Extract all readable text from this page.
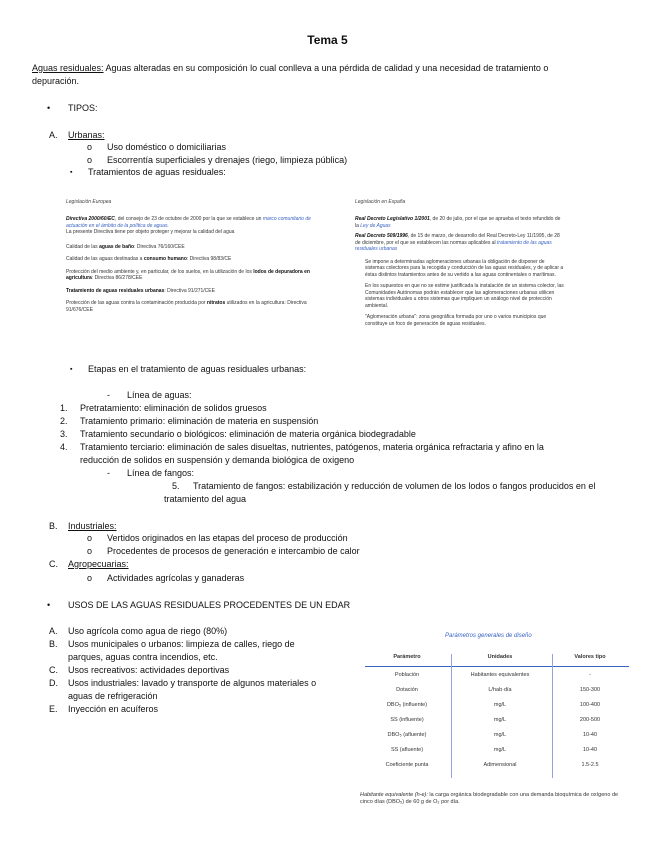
Tema 5
Aguas residuales: Aguas alteradas en su composición lo cual conlleva a una pérdida de calidad y una necesidad de tratamiento o
depuración.
• TIPOS:
A. Urbanas:
o Uso doméstico o domiciliarias
o Escorrentía superficiales y drenajes (riego, limpieza pública)
▪ Tratamientos de aguas residuales:
Legislación Europea
Directiva 2000/60/EC, del consejo de 23 de octubre de 2000 por la que se establece un marco comunitario de actuación en el ámbito de la política de aguas.
La presente Directiva tiene por objeto proteger y mejorar la calidad del agua
Calidad de las aguas de baño: Directiva 76/160/CEE
Calidad de las aguas destinadas a consumo humano: Directiva 98/83/CE
Protección del medio ambiente y, en particular, de los suelos, en la utilización de los lodos de depuradora en agricultura: Directiva 86/278/CEE
Tratamiento de aguas residuales urbanas: Directiva 91/271/CEE
Protección de las aguas contra la contaminación producida por nitratos utilizados en la agricultura: Directiva 91/676/CEE
Legislación en España
Real Decreto Legislativo 1/2001, de 20 de julio, por el que se aprueba el texto refundido de la Ley de Aguas
Real Decreto 509/1996, de 15 de marzo, de desarrollo del Real Decreto-Ley 11/1995, de 28 de diciembre, por el que se establecen las normas aplicables al tratamiento de las aguas residuales urbanas
Se impone a determinadas aglomeraciones urbanas la obligación de disponer de sistemas colectores para la recogida y conducción de las aguas residuales, y de aplicar a éstas distintos tratamientos antes de su vertido a las aguas continentales o marítimas.
En los supuestos en que no se estime justificada la instalación de un sistema colector, las Comunidades Autónomas podrán establecer que las aglomeraciones urbanas utilicen sistemas individuales u otros sistemas que impliquen un análogo nivel de protección ambiental.
"Aglomeración urbana": zona geográfica formada por uno o varios municipios que constituye un foco de generación de aguas residuales.
▪ Etapas en el tratamiento de aguas residuales urbanas:
- Línea de aguas:
1. Pretratamiento: eliminación de solidos gruesos
2. Tratamiento primario: eliminación de materia en suspensión
3. Tratamiento secundario o biológicos: eliminación de materia orgánica biodegradable
4. Tratamiento terciario: eliminación de sales disueltas, nutrientes, patógenos, materia orgánica refractaria y afino en la
reducción de solidos en suspensión y demanda biológica de oxigeno
- Línea de fangos:
5. Tratamiento de fangos: estabilización y reducción de volumen de los lodos o fangos producidos en el
tratamiento del agua
B. Industriales:
o Vertidos originados en las etapas del proceso de producción
o Procedentes de procesos de generación e intercambio de calor
C. Agropecuarias:
o Actividades agrícolas y ganaderas
• USOS DE LAS AGUAS RESIDUALES PROCEDENTES DE UN EDAR
A. Uso agrícola como agua de riego (80%)
B. Usos municipales o urbanos: limpieza de calles, riego de
parques, aguas contra incendios, etc.
C. Usos recreativos: actividades deportivas
D. Usos industriales: lavado y transporte de algunos materiales o
aguas de refrigeración
E. Inyección en acuíferos
Parámetros generales de diseño
Parámetro	Unidades	Valores tipo
Población	Habitantes equivalentes	-
Dotación	L/hab·día	150-300
DBO₅ (influente)	mg/L	100-400
SS (influente)	mg/L	200-500
DBO₅ (afluente)	mg/L	10-40
SS (afluente)	mg/L	10-40
Coeficiente punta	Adimensional	1.5-2.5
Habitante equivalente (h-e): la carga orgánica biodegradable con una demanda bioquímica de oxígeno de cinco días (DBO₅) de 60 g de O₂ por día.
